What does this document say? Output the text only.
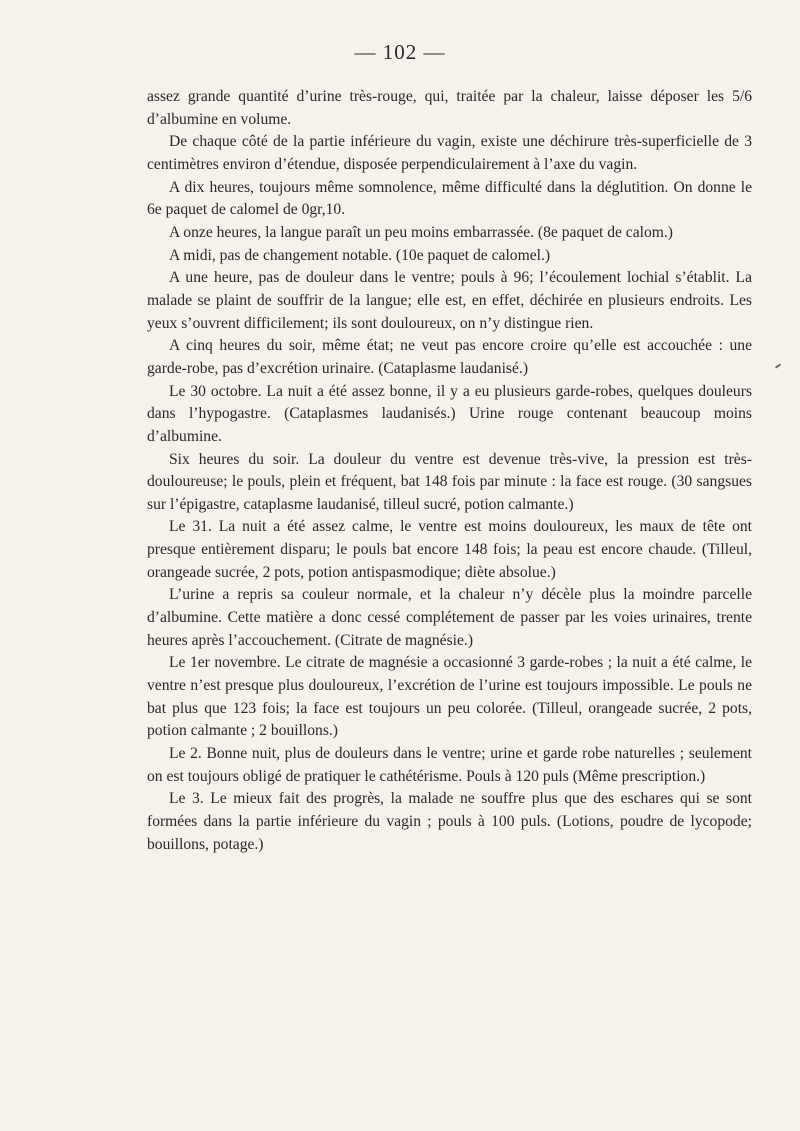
— 102 —

assez grande quantité d’urine très-rouge, qui, traitée par la chaleur, laisse déposer les 5/6 d’albumine en volume.

De chaque côté de la partie inférieure du vagin, existe une déchirure très-superficielle de 3 centimètres environ d’étendue, disposée perpendiculairement à l’axe du vagin.

A dix heures, toujours même somnolence, même difficulté dans la déglutition. On donne le 6e paquet de calomel de 0gr,10.

A onze heures, la langue paraît un peu moins embarrassée. (8e paquet de calom.)

A midi, pas de changement notable. (10e paquet de calomel.)

A une heure, pas de douleur dans le ventre; pouls à 96; l’écoulement lochial s’établit. La malade se plaint de souffrir de la langue; elle est, en effet, déchirée en plusieurs endroits. Les yeux s’ouvrent difficilement; ils sont douloureux, on n’y distingue rien.

A cinq heures du soir, même état; ne veut pas encore croire qu’elle est accouchée : une garde-robe, pas d’excrétion urinaire. (Cataplasme laudanisé.)

Le 30 octobre. La nuit a été assez bonne, il y a eu plusieurs garde-robes, quelques douleurs dans l’hypogastre. (Cataplasmes laudanisés.) Urine rouge contenant beaucoup moins d’albumine.

Six heures du soir. La douleur du ventre est devenue très-vive, la pression est très-douloureuse; le pouls, plein et fréquent, bat 148 fois par minute : la face est rouge. (30 sangsues sur l’épigastre, cataplasme laudanisé, tilleul sucré, potion calmante.)

Le 31. La nuit a été assez calme, le ventre est moins douloureux, les maux de tête ont presque entièrement disparu; le pouls bat encore 148 fois; la peau est encore chaude. (Tilleul, orangeade sucrée, 2 pots, potion antispasmodique; diète absolue.)

L’urine a repris sa couleur normale, et la chaleur n’y décèle plus la moindre parcelle d’albumine. Cette matière a donc cessé complétement de passer par les voies urinaires, trente heures après l’accouchement. (Citrate de magnésie.)

Le 1er novembre. Le citrate de magnésie a occasionné 3 garde-robes ; la nuit a été calme, le ventre n’est presque plus douloureux, l’excrétion de l’urine est toujours impossible. Le pouls ne bat plus que 123 fois; la face est toujours un peu colorée. (Tilleul, orangeade sucrée, 2 pots, potion calmante ; 2 bouillons.)

Le 2. Bonne nuit, plus de douleurs dans le ventre; urine et garde robe naturelles ; seulement on est toujours obligé de pratiquer le cathétérisme. Pouls à 120 puls (Même prescription.)

Le 3. Le mieux fait des progrès, la malade ne souffre plus que des eschares qui se sont formées dans la partie inférieure du vagin ; pouls à 100 puls. (Lotions, poudre de lycopode; bouillons, potage.)
